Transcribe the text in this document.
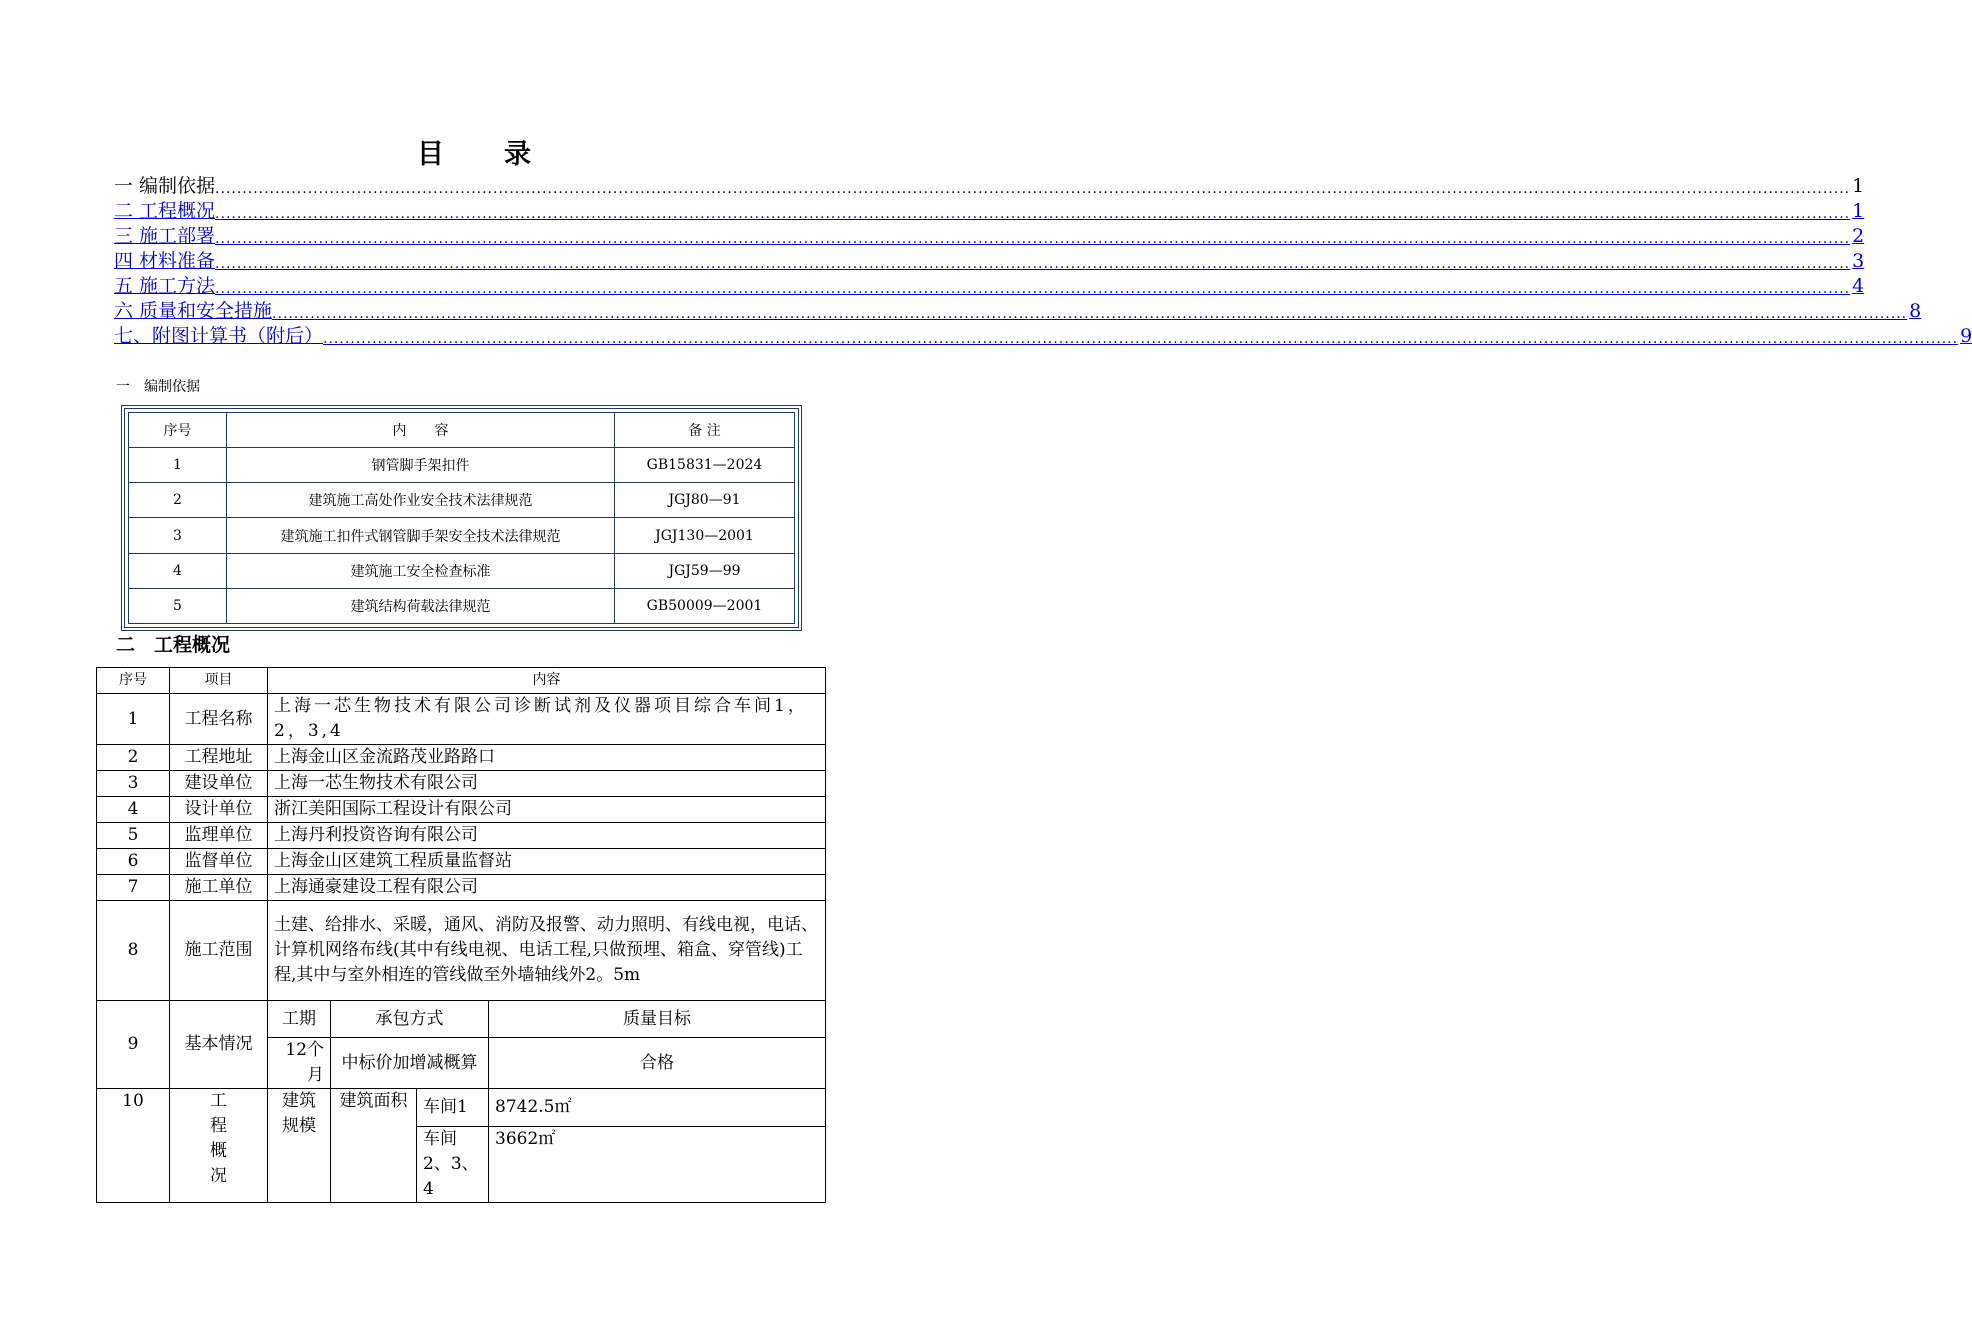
目　　录
一 编制依据 ............................................................................................................................................................................................................................................................................................................ 1
二 工程概况 ............................................................................................................................................................................................................................................................................................................ 1
三 施工部署 ............................................................................................................................................................................................................................................................................................................ 2
四 材料准备 ............................................................................................................................................................................................................................................................................................................ 3
五 施工方法 ............................................................................................................................................................................................................................................................................................................ 4
六 质量和安全措施 ............................................................................................................................................................................................................................................................................................................ 8
七、附图计算书（附后） ............................................................................................................................................................................................................................................................................................................ 9
一　编制依据
序号	内　　容	备 注
1	钢管脚手架扣件	GB15831—2024
2	建筑施工高处作业安全技术法律规范	JGJ80—91
3	建筑施工扣件式钢管脚手架安全技术法律规范	JGJ130—2001
4	建筑施工安全检查标准	JGJ59—99
5	建筑结构荷载法律规范	GB50009—2001
二　工程概况
序号	项目	内容			
1	工程名称	上海一芯生物技术有限公司诊断试剂及仪器项目综合车间1，2，3,4			
2	工程地址	上海金山区金流路茂业路路口			
3	建设单位	上海一芯生物技术有限公司			
4	设计单位	浙江美阳国际工程设计有限公司			
5	监理单位	上海丹利投资咨询有限公司			
6	监督单位	上海金山区建筑工程质量监督站			
7	施工单位	上海通豪建设工程有限公司			
8	施工范围	土建、给排水、采暖，通风、消防及报警、动力照明、有线电视，电话、计算机网络布线(其中有线电视、电话工程,只做预埋、箱盒、穿管线)工程,其中与室外相连的管线做至外墙轴线外2。5m			
9	基本情况	工期	承包方式		质量目标
		12个月	中标价加增减概算		合格
10	工程概况	建筑规模	建筑面积	车间1	8742.5㎡
				车间2、3、4	3662㎡
